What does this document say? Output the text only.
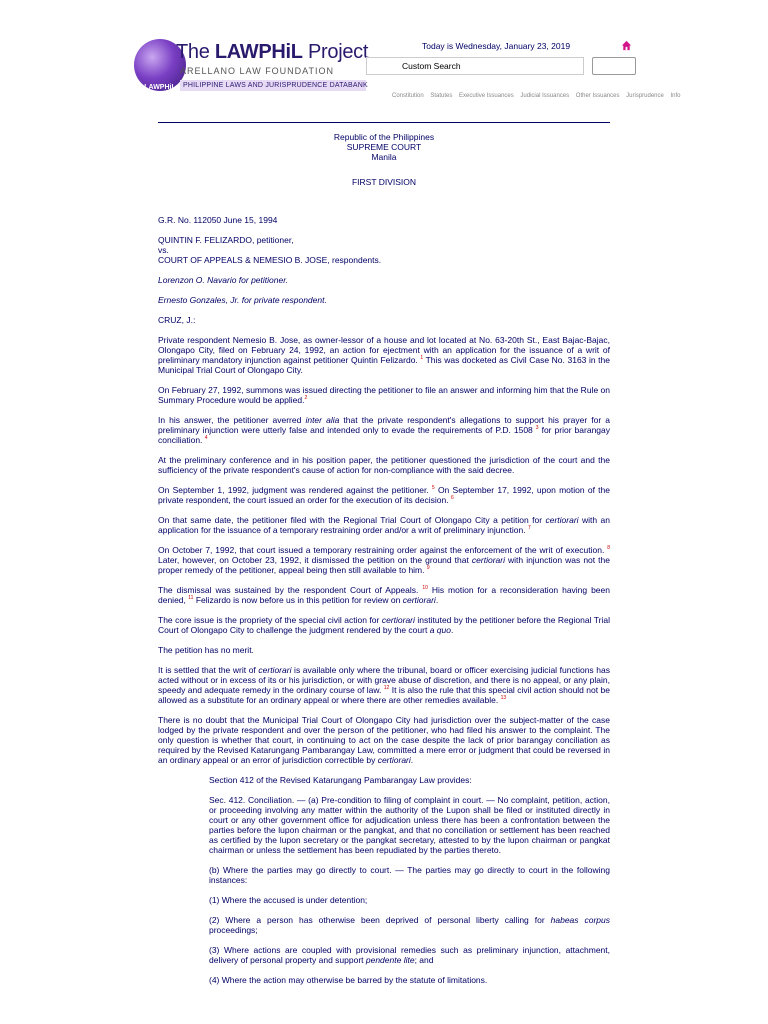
LAWPHiL
The LAWPHiL Project
ARELLANO LAW FOUNDATION
PHILIPPINE LAWS AND JURISPRUDENCE DATABANK
Today is Wednesday, January 23, 2019
Custom Search
Constitution Statutes Executive Issuances Judicial Issuances Other Issuances Jurisprudence Info
Republic of the Philippines
SUPREME COURT
Manila
FIRST DIVISION

G.R. No. 112050 June 15, 1994

QUINTIN F. FELIZARDO, petitioner,
vs.
COURT OF APPEALS & NEMESIO B. JOSE, respondents.

Lorenzon O. Navario for petitioner.

Ernesto Gonzales, Jr. for private respondent.

CRUZ, J.:

Private respondent Nemesio B. Jose, as owner-lessor of a house and lot located at No. 63-20th St., East Bajac-Bajac, Olongapo City, filed on February 24, 1992, an action for ejectment with an application for the issuance of a writ of preliminary mandatory injunction against petitioner Quintin Felizardo. $^1$ This was docketed as Civil Case No. 3163 in the Municipal Trial Court of Olongapo City.

On February 27, 1992, summons was issued directing the petitioner to file an answer and informing him that the Rule on Summary Procedure would be applied.$^2$

In his answer, the petitioner averred inter alia that the private respondent's allegations to support his prayer for a preliminary injunction were utterly false and intended only to evade the requirements of P.D. 1508 $^3$ for prior barangay conciliation. $^4$

At the preliminary conference and in his position paper, the petitioner questioned the jurisdiction of the court and the sufficiency of the private respondent's cause of action for non-compliance with the said decree.

On September 1, 1992, judgment was rendered against the petitioner. $^5$ On September 17, 1992, upon motion of the private respondent, the court issued an order for the execution of its decision. $^6$

On that same date, the petitioner filed with the Regional Trial Court of Olongapo City a petition for certiorari with an application for the issuance of a temporary restraining order and/or a writ of preliminary injunction. $^7$

On October 7, 1992, that court issued a temporary restraining order against the enforcement of the writ of execution. $^8$ Later, however, on October 23, 1992, it dismissed the petition on the ground that certiorari with injunction was not the proper remedy of the petitioner, appeal being then still available to him. $^9$

The dismissal was sustained by the respondent Court of Appeals. $^{10}$ His motion for a reconsideration having been denied, $^{11}$ Felizardo is now before us in this petition for review on certiorari.

The core issue is the propriety of the special civil action for certiorari instituted by the petitioner before the Regional Trial Court of Olongapo City to challenge the judgment rendered by the court a quo.

The petition has no merit.

It is settled that the writ of certiorari is available only where the tribunal, board or officer exercising judicial functions has acted without or in excess of its or his jurisdiction, or with grave abuse of discretion, and there is no appeal, or any plain, speedy and adequate remedy in the ordinary course of law. $^{12}$ It is also the rule that this special civil action should not be allowed as a substitute for an ordinary appeal or where there are other remedies available. $^{13}$

There is no doubt that the Municipal Trial Court of Olongapo City had jurisdiction over the subject-matter of the case lodged by the private respondent and over the person of the petitioner, who had filed his answer to the complaint. The only question is whether that court, in continuing to act on the case despite the lack of prior barangay conciliation as required by the Revised Katarungang Pambarangay Law, committed a mere error or judgment that could be reversed in an ordinary appeal or an error of jurisdiction correctible by certiorari.

Section 412 of the Revised Katarungang Pambarangay Law provides:

Sec. 412. Conciliation. — (a) Pre-condition to filing of complaint in court. — No complaint, petition, action, or proceeding involving any matter within the authority of the Lupon shall be filed or instituted directly in court or any other government office for adjudication unless there has been a confrontation between the parties before the lupon chairman or the pangkat, and that no conciliation or settlement has been reached as certified by the lupon secretary or the pangkat secretary, attested to by the lupon chairman or pangkat chairman or unless the settlement has been repudiated by the parties thereto.

(b) Where the parties may go directly to court. — The parties may go directly to court in the following instances:

(1) Where the accused is under detention;

(2) Where a person has otherwise been deprived of personal liberty calling for habeas corpus proceedings;

(3) Where actions are coupled with provisional remedies such as preliminary injunction, attachment, delivery of personal property and support pendente lite; and

(4) Where the action may otherwise be barred by the statute of limitations.
